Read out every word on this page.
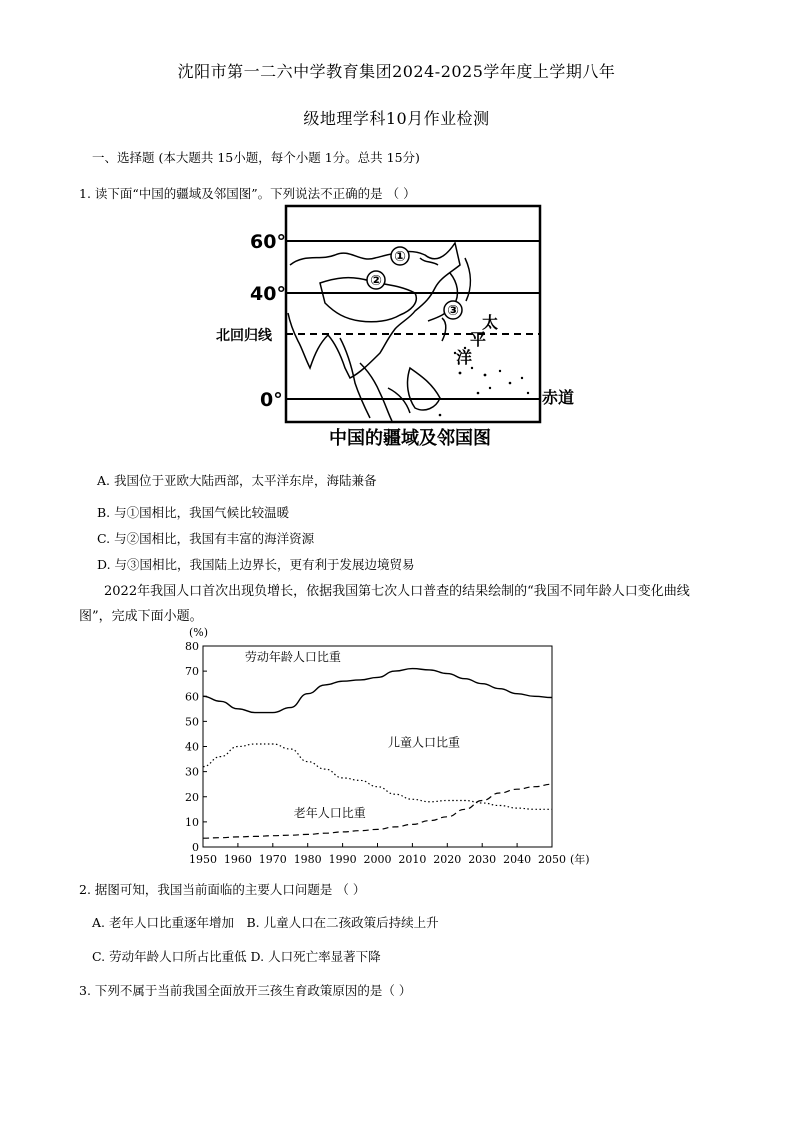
沈阳市第一二六中学教育集团2024-2025学年度上学期八年
级地理学科10月作业检测
一、选择题 (本大题共 15小题，每个小题 1分。总共 15分)
1. 读下面“中国的疆域及邻国图”。下列说法不正确的是 （ ）
①
②
③
太
平
洋
60°
40°
北回归线
0°	赤道
中国的疆域及邻国图
A. 我国位于亚欧大陆西部，太平洋东岸，海陆兼备
B. 与①国相比，我国气候比较温暖
C. 与②国相比，我国有丰富的海洋资源
D. 与③国相比，我国陆上边界长，更有利于发展边境贸易
2022年我国人口首次出现负增长，依据我国第七次人口普查的结果绘制的“我国不同年龄人口变化曲线
图”，完成下面小题。
0
10
20
30
40
50
60
70
80
1950 1960 1970 1980 1990 2000 2010 2020 2030 2040 2050
(%)
(年)
劳动年龄人口比重
儿童人口比重
老年人口比重
2. 据图可知，我国当前面临的主要人口问题是 （ ）
A. 老年人口比重逐年增加　B. 儿童人口在二孩政策后持续上升
C. 劳动年龄人口所占比重低 D. 人口死亡率显著下降
3. 下列不属于当前我国全面放开三孩生育政策原因的是（ ）
